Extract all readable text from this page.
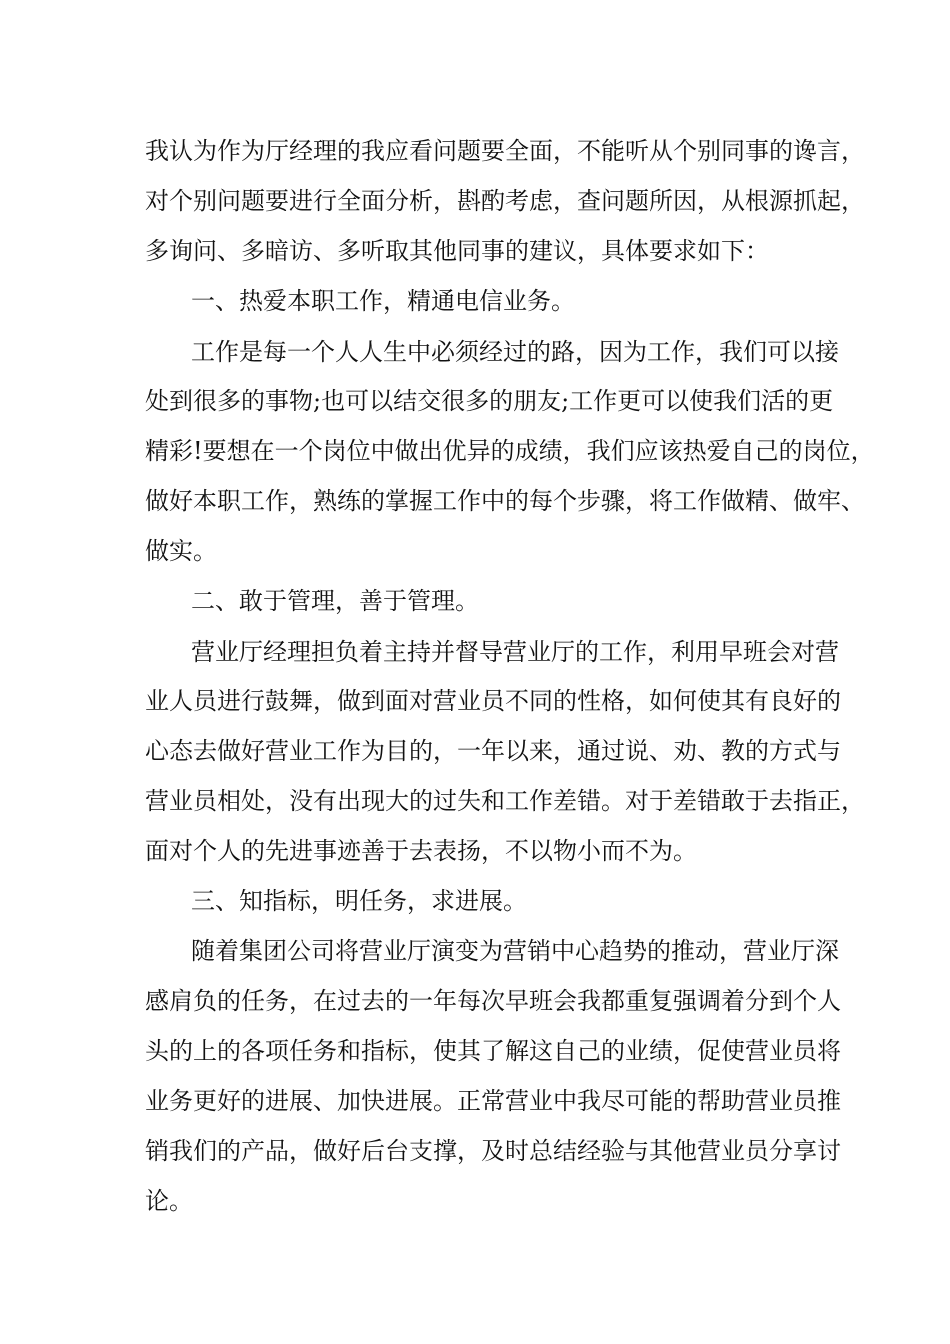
我认为作为厅经理的我应看问题要全面，不能听从个别同事的谗言，
对个别问题要进行全面分析，斟酌考虑，查问题所因，从根源抓起，
多询问、多暗访、多听取其他同事的建议，具体要求如下：
一、热爱本职工作，精通电信业务。
工作是每一个人人生中必须经过的路，因为工作，我们可以接
处到很多的事物;也可以结交很多的朋友;工作更可以使我们活的更
精彩!要想在一个岗位中做出优异的成绩，我们应该热爱自己的岗位，
做好本职工作，熟练的掌握工作中的每个步骤，将工作做精、做牢、
做实。
二、敢于管理，善于管理。
营业厅经理担负着主持并督导营业厅的工作，利用早班会对营
业人员进行鼓舞，做到面对营业员不同的性格，如何使其有良好的
心态去做好营业工作为目的，一年以来，通过说、劝、教的方式与
营业员相处，没有出现大的过失和工作差错。对于差错敢于去指正，
面对个人的先进事迹善于去表扬，不以物小而不为。
三、知指标，明任务，求进展。
随着集团公司将营业厅演变为营销中心趋势的推动，营业厅深
感肩负的任务，在过去的一年每次早班会我都重复强调着分到个人
头的上的各项任务和指标，使其了解这自己的业绩，促使营业员将
业务更好的进展、加快进展。正常营业中我尽可能的帮助营业员推
销我们的产品，做好后台支撑，及时总结经验与其他营业员分享讨
论。
